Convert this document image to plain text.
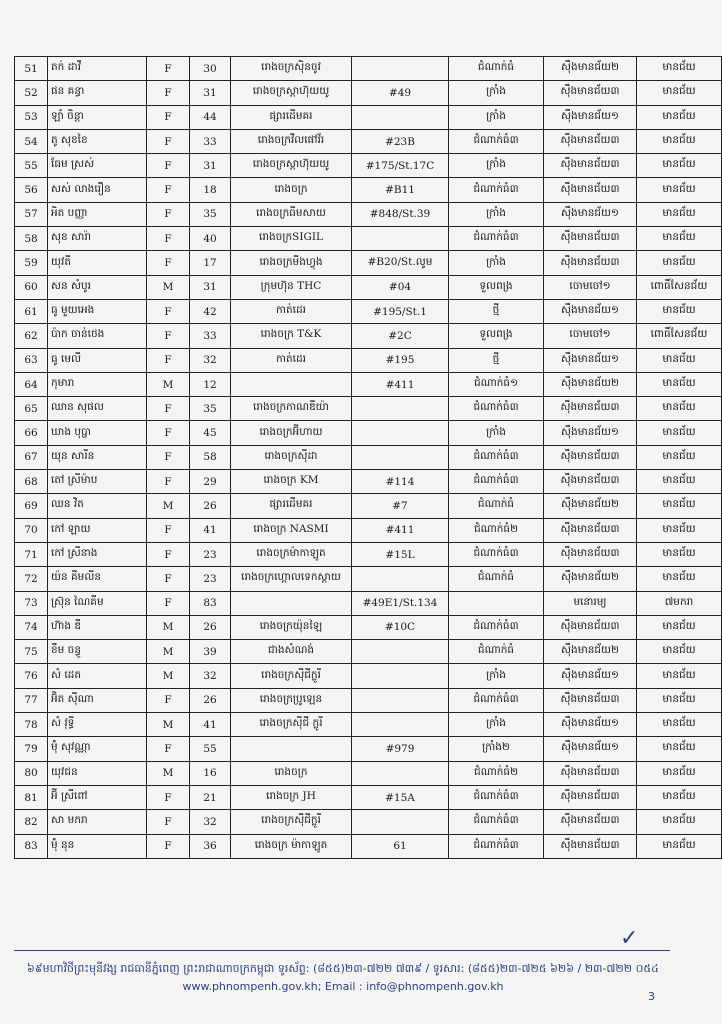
51	តក់ ដាវី	F	30	រោងចក្រស៊ិនចូវ		ជំណាក់ធំ	ស៊ឹងមានជ័យ២	មានជ័យ
52	ផន គន្ធា	F	31	រោងចក្រស្តាហ៊ុយយូ	#49	ក្រាំង	ស៊ឹងមានជ័យ៣	មានជ័យ
53	ឡាំ ចិន្តា	F	44	ផ្សារដើមគរ		ក្រាំង	ស៊ឹងមានជ័យ១	មានជ័យ
54	តូ សុខខៃ	F	33	រោងចក្រវីលផៅវ័រ	#23B	ជំណាក់ធំ៣	ស៊ឹងមានជ័យ៣	មានជ័យ
55	ធែម ស្រស់	F	31	រោងចក្រស្តាហ៊ុយយូ	#175/St.17C	ក្រាំង	ស៊ឹងមានជ័យ៣	មានជ័យ
56	សស់ លាងរឿន	F	18	រោងចក្រ	#B11	ជំណាក់ធំ៣	ស៊ឹងមានជ័យ៣	មានជ័យ
57	អិត បញ្ញា	F	35	រោងចក្រធីមសាយ	#848/St.39	ក្រាំង	ស៊ឹងមានជ័យ១	មានជ័យ
58	សុខ សារ៉ា	F	40	រោងចក្រSIGIL		ជំណាក់ធំ៣	ស៊ឹងមានជ័យ៣	មានជ័យ
59	យុវតី	F	17	រោងចក្រមីងហ្វុង	#B20/St.លូម	ក្រាំង	ស៊ឹងមានជ័យ៣	មានជ័យ
60	សន សំបូរ	M	31	ក្រុមហ៊ុន THC	#04	ទួលពង្រ	ចោមចៅ១	ពោធិ៍សែនជ័យ
61	ធូ មួយអេង	F	42	កាត់ដេរ	#195/St.1	ថ្មី	ស៊ឹងមានជ័យ១	មានជ័យ
62	ប៉ាក ចាន់ថេង	F	33	រោងចក្រ T&K	#2C	ទួលពង្រ	ចោមចៅ១	ពោធិ៍សែនជ័យ
63	ធូ មេលី	F	32	កាត់ដេរ	#195	ថ្មី	ស៊ឹងមានជ័យ១	មានជ័យ
64	កុមារា	M	12		#411	ជំណាក់ធំ១	ស៊ឹងមានជ័យ២	មានជ័យ
65	ឈាន សុផល	F	35	រោងចក្រកាណឌីយ៉ា		ជំណាក់ធំ៣	ស៊ឹងមានជ័យ៣	មានជ័យ
66	ឃាង បុប្ផា	F	45	រោងចក្រអ៊ីហាយ		ក្រាំង	ស៊ឹងមានជ័យ១	មានជ័យ
67	យុន សារីន	F	58	រោងចក្រស៊ីដា		ជំណាក់ធំ៣	ស៊ឹងមានជ័យ៣	មានជ័យ
68	តៅ ស្រីម៉ាប	F	29	រោងចក្រ KM	#114	ជំណាក់ធំ៣	ស៊ឹងមានជ័យ៣	មានជ័យ
69	ឈន វិត	M	26	ផ្សារដើមគរ	#7	ជំណាក់ធំ	ស៊ឹងមានជ័យ២	មានជ័យ
70	កៅ ឡាយ	F	41	រោងចក្រ NASMI	#411	ជំណាក់ធំ២	ស៊ឹងមានជ័យ៣	មានជ័យ
71	កៅ ស្រីនាង	F	23	រោងចក្រម៉ាកាឡូត	#15L	ជំណាក់ធំ៣	ស៊ឹងមានជ័យ៣	មានជ័យ
72	យ៉ន គីមលីន	F	23	រោងចក្រហ្គោលទេកស្តាយ		ជំណាក់ធំ	ស៊ឹងមានជ័យ២	មានជ័យ
73	ស្រ៊ុន ណៃគីម	F	83		#49E1/St.134		មនោរម្យ	៧មករា
74	ហ៊ាង ឌី	M	26	រោងចក្រយ៉ុនឡៃ	#10C	ជំណាក់ធំ៣	ស៊ឹងមានជ័យ៣	មានជ័យ
75	ខឹម ចន្ធូ	M	39	ជាងសំណង់		ជំណាក់ធំ	ស៊ឹងមានជ័យ២	មានជ័យ
76	សំ ដេត	M	32	រោងចក្រស៊ីជីក្លូរី		ក្រាំង	ស៊ឹងមានជ័យ១	មានជ័យ
77	អ៊ិត ស៊ីណា	F	26	រោងចក្រប្រូឡេន		ជំណាក់ធំ៣	ស៊ឹងមានជ័យ៣	មានជ័យ
78	សំ វុទ្ធី	M	41	រោងចក្រស៊ីជី ក្លូរី		ក្រាំង	ស៊ឹងមានជ័យ១	មានជ័យ
79	ម៉ុំ សុវណ្ណា	F	55		#979	ក្រាំង២	ស៊ឹងមានជ័យ១	មានជ័យ
80	យុវជន	M	16	រោងចក្រ		ជំណាក់ធំ២	ស៊ឹងមានជ័យ៣	មានជ័យ
81	អ៊ី ស្រីពៅ	F	21	រោងចក្រ JH	#15A	ជំណាក់ធំ៣	ស៊ឹងមានជ័យ៣	មានជ័យ
82	សា មករា	F	32	រោងចក្រស៊ីជីក្លូរី		ជំណាក់ធំ៣	ស៊ឹងមានជ័យ៣	មានជ័យ
83	ម៉ុំ នុន	F	36	រោងចក្រ ម៉ាកាឡូត	61	ជំណាក់ធំ៣	ស៊ឹងមានជ័យ៣	មានជ័យ
✓
៦៩មហាវិថីព្រះមុនីវង្ស រាជធានីភ្នំពេញ ព្រះរាជាណាចក្រកម្ពុជា ទូរស័ព្ទ: (៨៥៥)២៣-៧២២ ៧៣៩ / ទូរសារ: (៨៥៥)២៣-៧២៥ ៦២៦ / ២៣-៧២២ ០៥៤
www.phnompenh.gov.kh; Email : info@phnompenh.gov.kh
3
